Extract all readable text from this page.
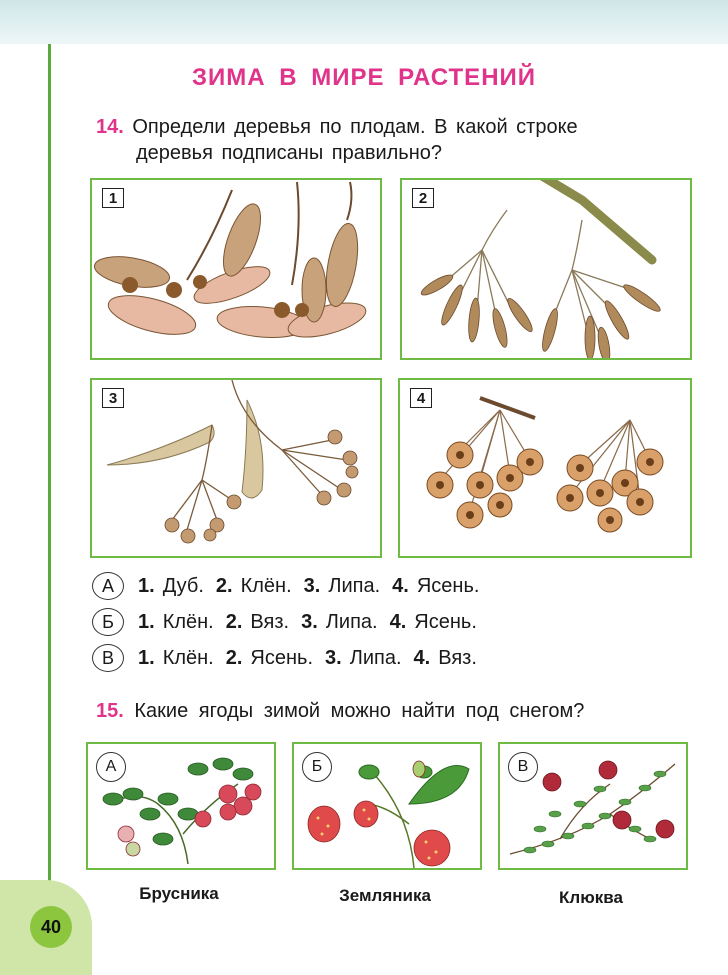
ЗИМА В МИРЕ РАСТЕНИЙ
14. Определи деревья по плодам. В какой строке
деревья подписаны правильно?
1	2
3	4
А	1. Дуб. 2. Клён. 3. Липа. 4. Ясень.
Б	1. Клён. 2. Вяз. 3. Липа. 4. Ясень.
В	1. Клён. 2. Ясень. 3. Липа. 4. Вяз.
15. Какие ягоды зимой можно найти под снегом?
А	Б	В
Брусника	Земляника	Клюква
40
